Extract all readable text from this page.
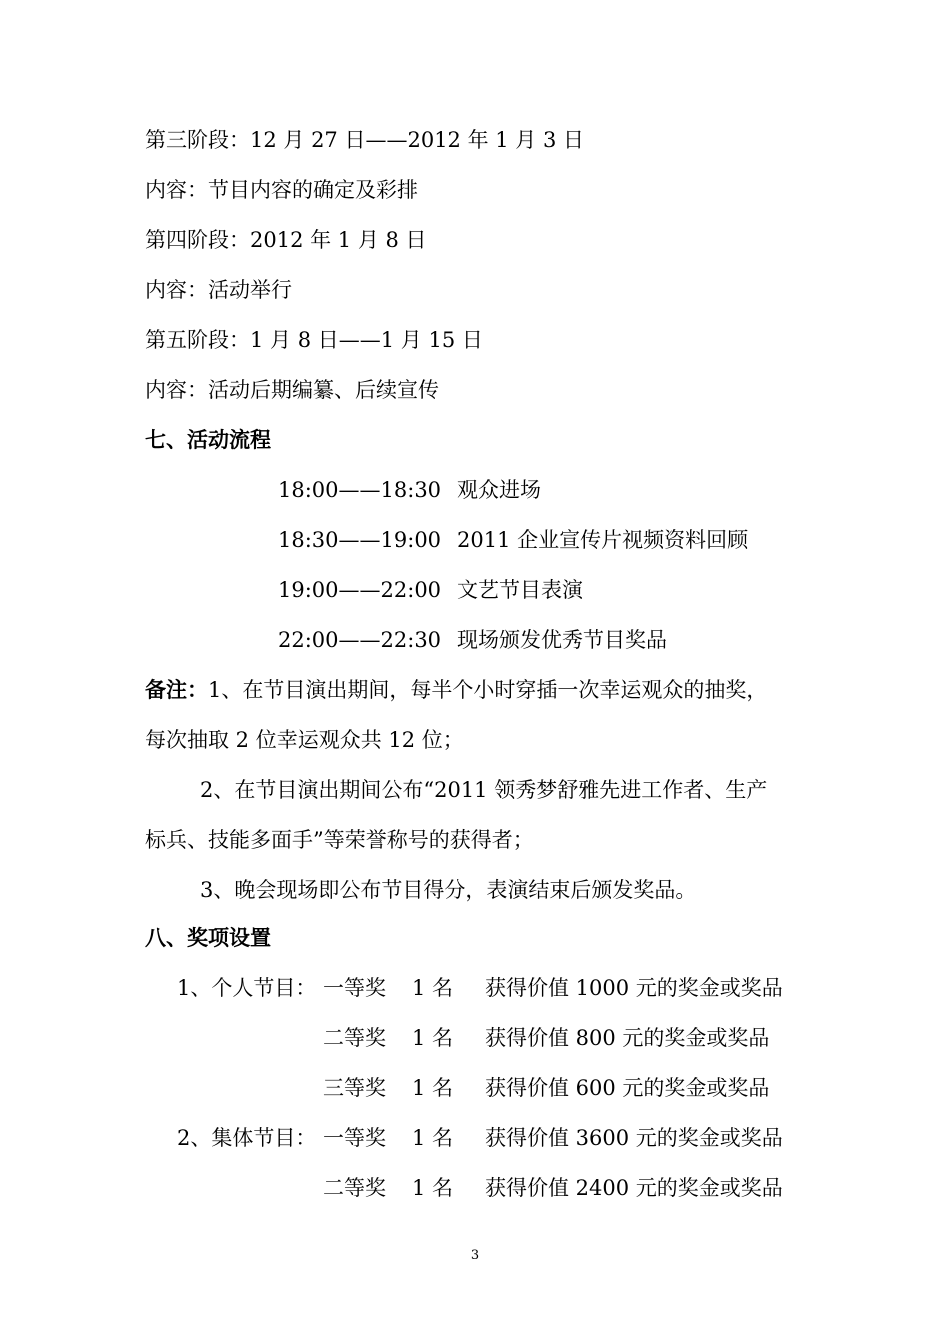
第三阶段：12 月 27 日——2012 年 1 月 3 日
内容：节目内容的确定及彩排
第四阶段：2012 年 1 月 8 日
内容：活动举行
第五阶段：1 月 8 日——1 月 15 日
内容：活动后期编纂、后续宣传
七、活动流程
18:00——18:30 观众进场
18:30——19:00 2011 企业宣传片视频资料回顾
19:00——22:00 文艺节目表演
22:00——22:30 现场颁发优秀节目奖品
备注：1、在节目演出期间，每半个小时穿插一次幸运观众的抽奖，
每次抽取 2 位幸运观众共 12 位；
2、在节目演出期间公布“2011 领秀梦舒雅先进工作者、生产
标兵、技能多面手”等荣誉称号的获得者；
3、晚会现场即公布节目得分，表演结束后颁发奖品。
八、奖项设置
1、个人节目： 一等奖 1 名 获得价值 1000 元的奖金或奖品
二等奖 1 名 获得价值 800 元的奖金或奖品
三等奖 1 名 获得价值 600 元的奖金或奖品
2、集体节目： 一等奖 1 名 获得价值 3600 元的奖金或奖品
二等奖 1 名 获得价值 2400 元的奖金或奖品
3
